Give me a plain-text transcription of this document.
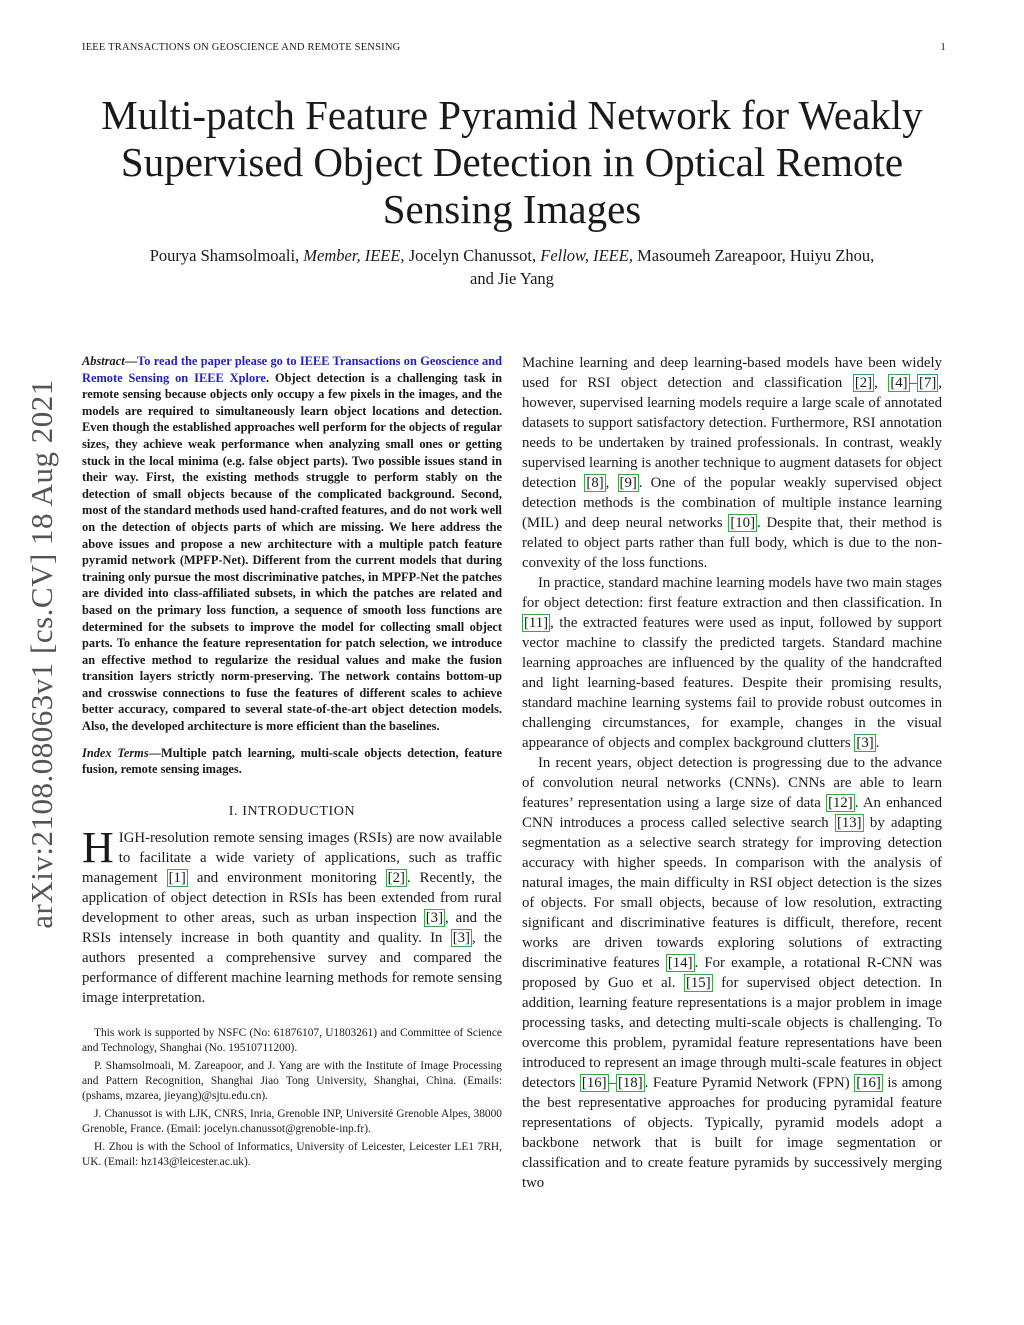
IEEE TRANSACTIONS ON GEOSCIENCE AND REMOTE SENSING	1
Multi-patch Feature Pyramid Network for Weakly Supervised Object Detection in Optical Remote Sensing Images
Pourya Shamsolmoali, Member, IEEE, Jocelyn Chanussot, Fellow, IEEE, Masoumeh Zareapoor, Huiyu Zhou,
and Jie Yang
arXiv:2108.08063v1 [cs.CV] 18 Aug 2021

Abstract—To read the paper please go to IEEE Transactions on Geoscience and Remote Sensing on IEEE Xplore. Object detection is a challenging task in remote sensing because objects only occupy a few pixels in the images, and the models are required to simultaneously learn object locations and detection. Even though the established approaches well perform for the objects of regular sizes, they achieve weak performance when analyzing small ones or getting stuck in the local minima (e.g. false object parts). Two possible issues stand in their way. First, the existing methods struggle to perform stably on the detection of small objects because of the complicated background. Second, most of the standard methods used hand-crafted features, and do not work well on the detection of objects parts of which are missing. We here address the above issues and propose a new architecture with a multiple patch feature pyramid network (MPFP-Net). Different from the current models that during training only pursue the most discriminative patches, in MPFP-Net the patches are divided into class-affiliated subsets, in which the patches are related and based on the primary loss function, a sequence of smooth loss functions are determined for the subsets to improve the model for collecting small object parts. To enhance the feature representation for patch selection, we introduce an effective method to regularize the residual values and make the fusion transition layers strictly norm-preserving. The network contains bottom-up and crosswise connections to fuse the features of different scales to achieve better accuracy, compared to several state-of-the-art object detection models. Also, the developed architecture is more efficient than the baselines.

Index Terms—Multiple patch learning, multi-scale objects detection, feature fusion, remote sensing images.

I. INTRODUCTION

HIGH-resolution remote sensing images (RSIs) are now available to facilitate a wide variety of applications, such as traffic management [1] and environment monitoring [2] . Recently, the application of object detection in RSIs has been extended from rural development to other areas, such as urban inspection [3] , and the RSIs intensely increase in both quantity and quality. In [3] , the authors presented a comprehensive survey and compared the performance of different machine learning methods for remote sensing image interpretation.

This work is supported by NSFC (No: 61876107, U1803261) and Committee of Science and Technology, Shanghai (No. 19510711200).

P. Shamsolmoali, M. Zareapoor, and J. Yang are with the Institute of Image Processing and Pattern Recognition, Shanghai Jiao Tong University, Shanghai, China. (Emails: (pshams, mzarea, jieyang)@sjtu.edu.cn).

J. Chanussot is with LJK, CNRS, Inria, Grenoble INP, Université Grenoble Alpes, 38000 Grenoble, France. (Email: jocelyn.chanussot@grenoble-inp.fr).

H. Zhou is with the School of Informatics, University of Leicester, Leicester LE1 7RH, UK. (Email: hz143@leicester.ac.uk).

Machine learning and deep learning-based models have been widely used for RSI object detection and classification [2] , [4] – [7] , however, supervised learning models require a large scale of annotated datasets to support satisfactory detection. Furthermore, RSI annotation needs to be undertaken by trained professionals. In contrast, weakly supervised learning is another technique to augment datasets for object detection [8] , [9] . One of the popular weakly supervised object detection methods is the combination of multiple instance learning (MIL) and deep neural networks [10] . Despite that, their method is related to object parts rather than full body, which is due to the non-convexity of the loss functions.

In practice, standard machine learning models have two main stages for object detection: first feature extraction and then classification. In [11] , the extracted features were used as input, followed by support vector machine to classify the predicted targets. Standard machine learning approaches are influenced by the quality of the handcrafted and light learning-based features. Despite their promising results, standard machine learning systems fail to provide robust outcomes in challenging circumstances, for example, changes in the visual appearance of objects and complex background clutters [3] .

In recent years, object detection is progressing due to the advance of convolution neural networks (CNNs). CNNs are able to learn features’ representation using a large size of data [12] . An enhanced CNN introduces a process called selective search [13] by adapting segmentation as a selective search strategy for improving detection accuracy with higher speeds. In comparison with the analysis of natural images, the main difficulty in RSI object detection is the sizes of objects. For small objects, because of low resolution, extracting significant and discriminative features is difficult, therefore, recent works are driven towards exploring solutions of extracting discriminative features [14] . For example, a rotational R-CNN was proposed by Guo et al. [15] for supervised object detection. In addition, learning feature representations is a major problem in image processing tasks, and detecting multi-scale objects is challenging. To overcome this problem, pyramidal feature representations have been introduced to represent an image through multi-scale features in object detectors [16] – [18] . Feature Pyramid Network (FPN) [16] is among the best representative approaches for producing pyramidal feature representations of objects. Typically, pyramid models adopt a backbone network that is built for image segmentation or classification and to create feature pyramids by successively merging two
